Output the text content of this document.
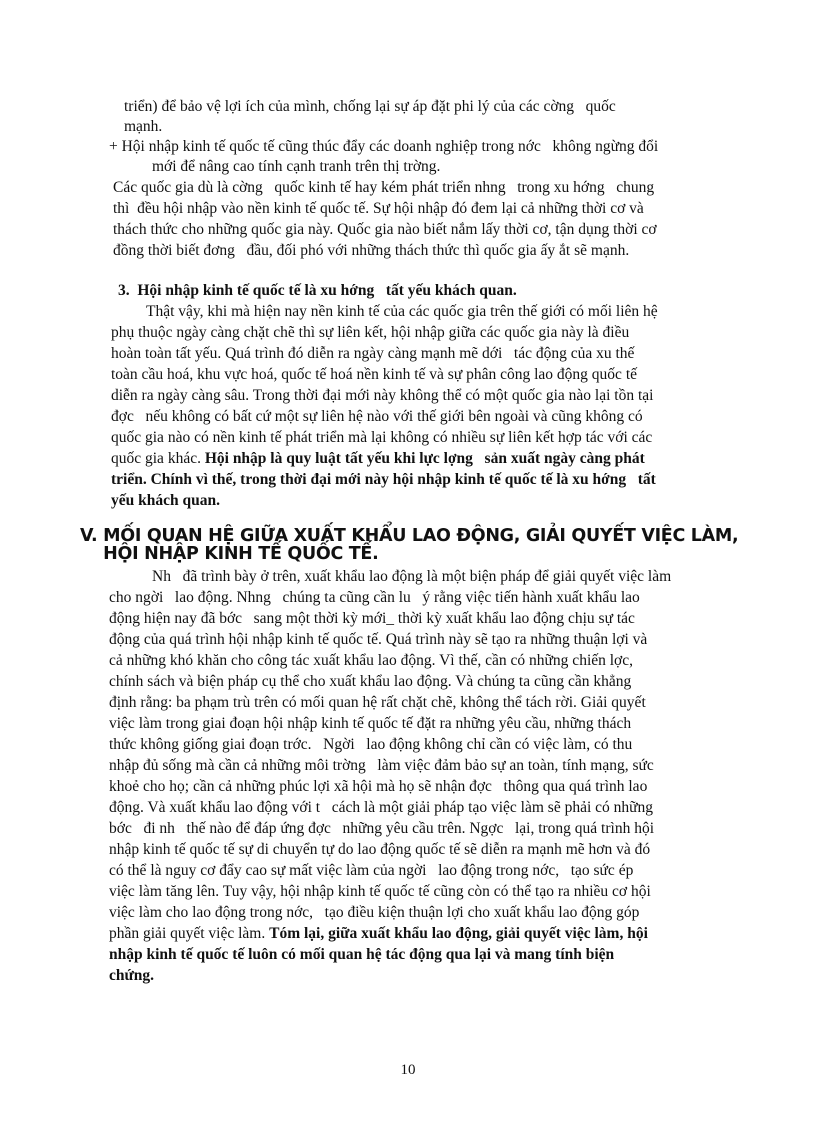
triển) để bảo vệ lợi ích của mình, chống lại sự áp đặt phi lý của các cờng   quốc
mạnh.
+ Hội nhập kinh tế quốc tế cũng thúc đẩy các doanh nghiệp trong nớc   không ngừng đổi
mới để nâng cao tính cạnh tranh trên thị trờng.
Các quốc gia dù là cờng   quốc kinh tế hay kém phát triển nhng   trong xu hớng   chung
thì  đều hội nhập vào nền kinh tế quốc tế. Sự hội nhập đó đem lại cả những thời cơ và
thách thức cho những quốc gia này. Quốc gia nào biết nắm lấy thời cơ, tận dụng thời cơ
đồng thời biết đơng   đầu, đối phó với những thách thức thì quốc gia ấy ắt sẽ mạnh.
3.  Hội nhập kinh tế quốc tế là xu hớng   tất yếu khách quan.
Thật vậy, khi mà hiện nay nền kinh tế của các quốc gia trên thế giới có mối liên hệ
phụ thuộc ngày càng chặt chẽ thì sự liên kết, hội nhập giữa các quốc gia này là điều
hoàn toàn tất yếu. Quá trình đó diễn ra ngày càng mạnh mẽ dới   tác động của xu thế
toàn cầu hoá, khu vực hoá, quốc tế hoá nền kinh tế và sự phân công lao động quốc tế
diễn ra ngày càng sâu. Trong thời đại mới này không thể có một quốc gia nào lại tồn tại
đợc   nếu không có bất cứ một sự liên hệ nào với thế giới bên ngoài và cũng không có
quốc gia nào có nền kinh tế phát triển mà lại không có nhiều sự liên kết hợp tác với các
quốc gia khác. Hội nhập là quy luật tất yếu khi lực lợng   sản xuất ngày càng phát
triển. Chính vì thế, trong thời đại mới này hội nhập kinh tế quốc tế là xu hớng   tất
yếu khách quan.
V. MỐI QUAN HỆ GIỮA XUẤT KHẨU LAO ĐỘNG, GIẢI QUYẾT VIỆC LÀM,
HỘI NHẬP KINH TẾ QUỐC TẾ.
Nh   đã trình bày ở trên, xuất khẩu lao động là một biện pháp để giải quyết việc làm
cho ngời   lao động. Nhng   chúng ta cũng cần lu   ý rằng việc tiến hành xuất khẩu lao
động hiện nay đã bớc   sang một thời kỳ mới_ thời kỳ xuất khẩu lao động chịu sự tác
động của quá trình hội nhập kinh tế quốc tế. Quá trình này sẽ tạo ra những thuận lợi và
cả những khó khăn cho công tác xuất khẩu lao động. Vì thế, cần có những chiến lợc,
chính sách và biện pháp cụ thể cho xuất khẩu lao động. Và chúng ta cũng cần khẳng
định rằng: ba phạm trù trên có mối quan hệ rất chặt chẽ, không thể tách rời. Giải quyết
việc làm trong giai đoạn hội nhập kinh tế quốc tế đặt ra những yêu cầu, những thách
thức không giống giai đoạn trớc.   Ngời   lao động không chỉ cần có việc làm, có thu
nhập đủ sống mà cần cả những môi trờng   làm việc đảm bảo sự an toàn, tính mạng, sức
khoẻ cho họ; cần cả những phúc lợi xã hội mà họ sẽ nhận đợc   thông qua quá trình lao
động. Và xuất khẩu lao động với t   cách là một giải pháp tạo việc làm sẽ phải có những
bớc   đi nh   thế nào để đáp ứng đợc   những yêu cầu trên. Ngợc   lại, trong quá trình hội
nhập kinh tế quốc tế sự di chuyển tự do lao động quốc tế sẽ diễn ra mạnh mẽ hơn và đó
có thể là nguy cơ đẩy cao sự mất việc làm của ngời   lao động trong nớc,   tạo sức ép
việc làm tăng lên. Tuy vậy, hội nhập kinh tế quốc tế cũng còn có thể tạo ra nhiều cơ hội
việc làm cho lao động trong nớc,   tạo điều kiện thuận lợi cho xuất khẩu lao động góp
phần giải quyết việc làm. Tóm lại, giữa xuất khẩu lao động, giải quyết việc làm, hội
nhập kinh tế quốc tế luôn có mối quan hệ tác động qua lại và mang tính biện
chứng.
10
